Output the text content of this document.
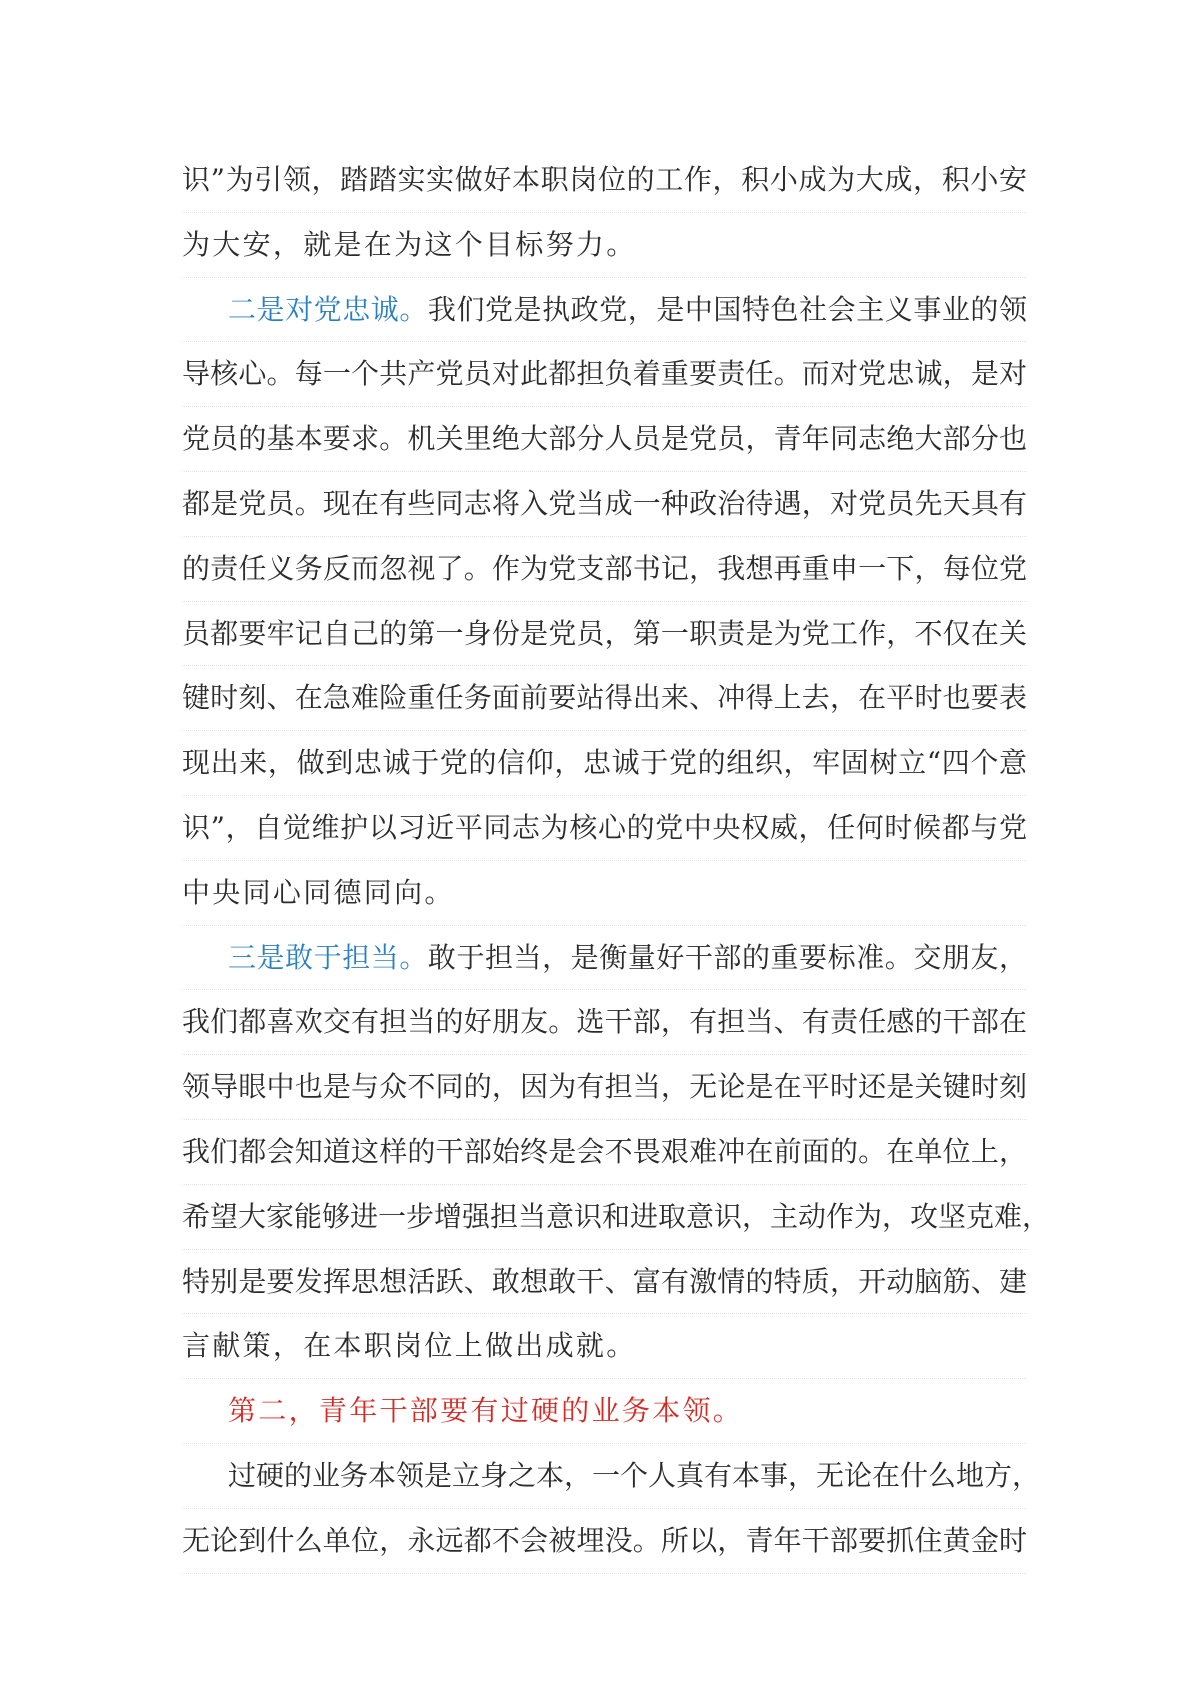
识”为引领，踏踏实实做好本职岗位的工作，积小成为大成，积小安
为大安，就是在为这个目标努力。
二是对党忠诚。我们党是执政党，是中国特色社会主义事业的领
导核心。每一个共产党员对此都担负着重要责任。而对党忠诚，是对
党员的基本要求。机关里绝大部分人员是党员，青年同志绝大部分也
都是党员。现在有些同志将入党当成一种政治待遇，对党员先天具有
的责任义务反而忽视了。作为党支部书记，我想再重申一下，每位党
员都要牢记自己的第一身份是党员，第一职责是为党工作，不仅在关
键时刻、在急难险重任务面前要站得出来、冲得上去，在平时也要表
现出来，做到忠诚于党的信仰，忠诚于党的组织，牢固树立“四个意
识”，自觉维护以习近平同志为核心的党中央权威，任何时候都与党
中央同心同德同向。
三是敢于担当。敢于担当，是衡量好干部的重要标准。交朋友，
我们都喜欢交有担当的好朋友。选干部，有担当、有责任感的干部在
领导眼中也是与众不同的，因为有担当，无论是在平时还是关键时刻
我们都会知道这样的干部始终是会不畏艰难冲在前面的。在单位上，
希望大家能够进一步增强担当意识和进取意识，主动作为，攻坚克难，
特别是要发挥思想活跃、敢想敢干、富有激情的特质，开动脑筋、建
言献策，在本职岗位上做出成就。
第二，青年干部要有过硬的业务本领。
过硬的业务本领是立身之本，一个人真有本事，无论在什么地方，
无论到什么单位，永远都不会被埋没。所以，青年干部要抓住黄金时
